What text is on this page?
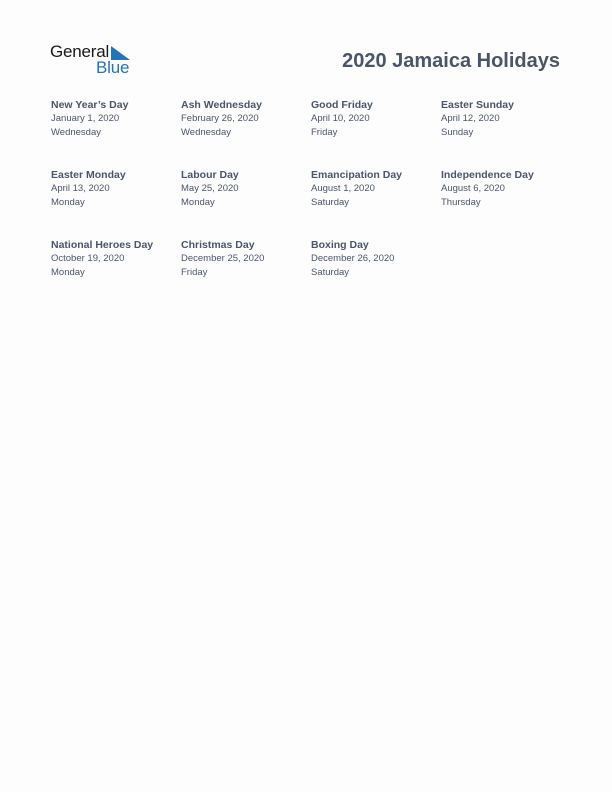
General
Blue	2020 Jamaica Holidays
New Year’s Day
January 1, 2020
Wednesday
Ash Wednesday
February 26, 2020
Wednesday
Good Friday
April 10, 2020
Friday
Easter Sunday
April 12, 2020
Sunday
Easter Monday
April 13, 2020
Monday
Labour Day
May 25, 2020
Monday
Emancipation Day
August 1, 2020
Saturday
Independence Day
August 6, 2020
Thursday
National Heroes Day
October 19, 2020
Monday
Christmas Day
December 25, 2020
Friday
Boxing Day
December 26, 2020
Saturday
